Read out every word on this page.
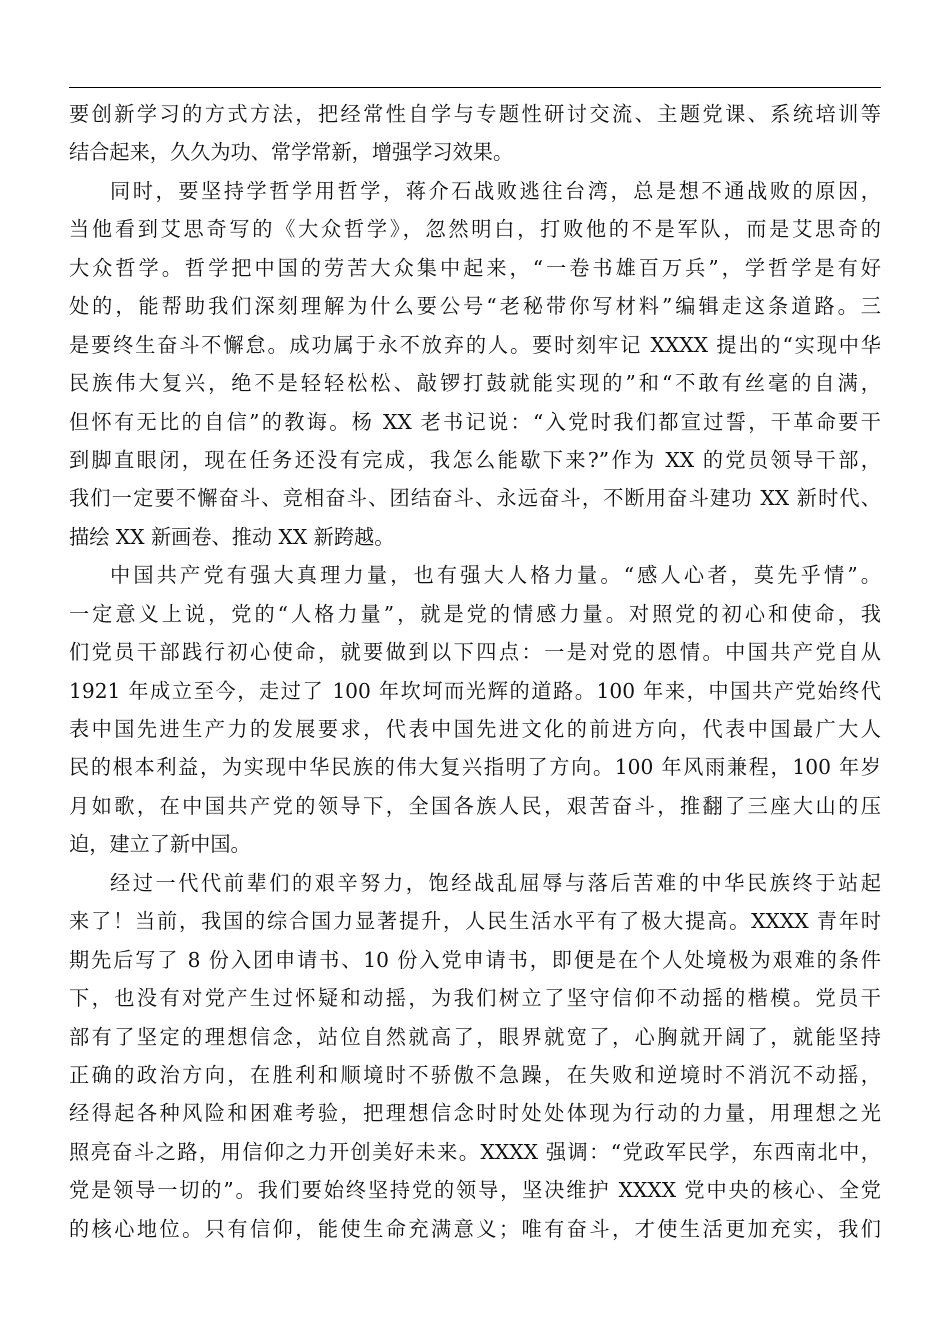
要创新学习的方式方法，把经常性自学与专题性研讨交流、主题党课、系统培训等
结合起来，久久为功、常学常新，增强学习效果。
同时，要坚持学哲学用哲学，蒋介石战败逃往台湾，总是想不通战败的原因，
当他看到艾思奇写的《大众哲学》，忽然明白，打败他的不是军队，而是艾思奇的
大众哲学。哲学把中国的劳苦大众集中起来，“一卷书雄百万兵”，学哲学是有好
处的，能帮助我们深刻理解为什么要公号“老秘带你写材料”编辑走这条道路。三
是要终生奋斗不懈怠。成功属于永不放弃的人。要时刻牢记 XXXX 提出的“实现中华
民族伟大复兴，绝不是轻轻松松、敲锣打鼓就能实现的”和“不敢有丝毫的自满，
但怀有无比的自信”的教诲。杨 XX 老书记说：“入党时我们都宣过誓，干革命要干
到脚直眼闭，现在任务还没有完成，我怎么能歇下来?”作为 XX 的党员领导干部，
我们一定要不懈奋斗、竞相奋斗、团结奋斗、永远奋斗，不断用奋斗建功 XX 新时代、
描绘 XX 新画卷、推动 XX 新跨越。
中国共产党有强大真理力量，也有强大人格力量。“感人心者，莫先乎情”。
一定意义上说，党的“人格力量”，就是党的情感力量。对照党的初心和使命，我
们党员干部践行初心使命，就要做到以下四点：一是对党的恩情。中国共产党自从
1921 年成立至今，走过了 100 年坎坷而光辉的道路。100 年来，中国共产党始终代
表中国先进生产力的发展要求，代表中国先进文化的前进方向，代表中国最广大人
民的根本利益，为实现中华民族的伟大复兴指明了方向。100 年风雨兼程，100 年岁
月如歌，在中国共产党的领导下，全国各族人民，艰苦奋斗，推翻了三座大山的压
迫，建立了新中国。
经过一代代前辈们的艰辛努力，饱经战乱屈辱与落后苦难的中华民族终于站起
来了！当前，我国的综合国力显著提升，人民生活水平有了极大提高。XXXX 青年时
期先后写了 8 份入团申请书、10 份入党申请书，即便是在个人处境极为艰难的条件
下，也没有对党产生过怀疑和动摇，为我们树立了坚守信仰不动摇的楷模。党员干
部有了坚定的理想信念，站位自然就高了，眼界就宽了，心胸就开阔了，就能坚持
正确的政治方向，在胜利和顺境时不骄傲不急躁，在失败和逆境时不消沉不动摇，
经得起各种风险和困难考验，把理想信念时时处处体现为行动的力量，用理想之光
照亮奋斗之路，用信仰之力开创美好未来。XXXX 强调：“党政军民学，东西南北中，
党是领导一切的”。我们要始终坚持党的领导，坚决维护 XXXX 党中央的核心、全党
的核心地位。只有信仰，能使生命充满意义；唯有奋斗，才使生活更加充实，我们
